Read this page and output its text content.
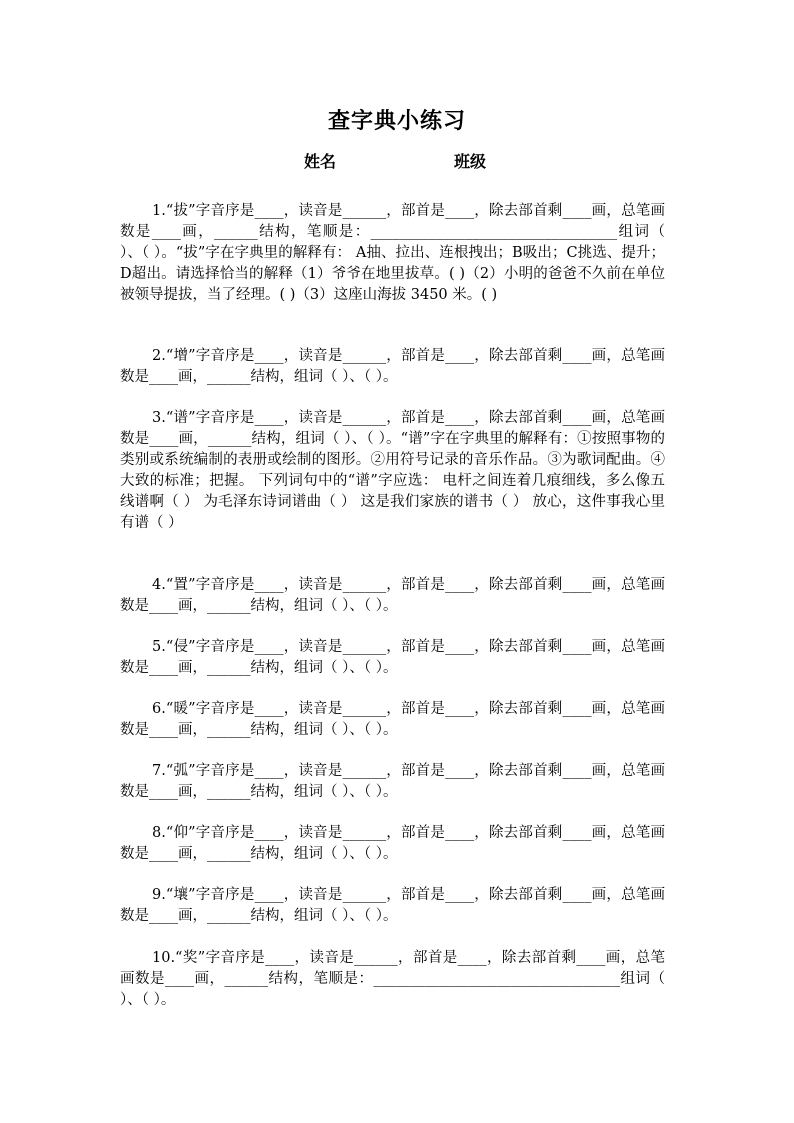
查字典小练习
姓名	班级

1.“拔”字音序是____，读音是______，部首是____，除去部首剩____画，总笔画数是____画，______结构，笔顺是：__________________________________组词（ ）、（ ）。“拔”字在字典里的解释有： A抽、拉出、连根拽出；B吸出；C挑选、提升；D超出。请选择恰当的解释（1）爷爷在地里拔草。( )（2）小明的爸爸不久前在单位被领导提拔，当了经理。( )（3）这座山海拔 3450 米。( )

2.“增”字音序是____，读音是______，部首是____，除去部首剩____画，总笔画数是____画，______结构，组词（ ）、（ ）。

3.“谱”字音序是____，读音是______，部首是____，除去部首剩____画，总笔画数是____画，______结构，组词（ ）、（ ）。“谱”字在字典里的解释有：①按照事物的类别或系统编制的表册或绘制的图形。②用符号记录的音乐作品。③为歌词配曲。④大致的标准；把握。 下列词句中的“谱”字应选： 电杆之间连着几痕细线，多么像五线谱啊（ ） 为毛泽东诗词谱曲（ ） 这是我们家族的谱书（ ） 放心，这件事我心里有谱（ ）

4.“置”字音序是____，读音是______，部首是____，除去部首剩____画，总笔画数是____画，______结构，组词（ ）、（ ）。

5.“侵”字音序是____，读音是______，部首是____，除去部首剩____画，总笔画数是____画，______结构，组词（ ）、（ ）。

6.“暖”字音序是____，读音是______，部首是____，除去部首剩____画，总笔画数是____画，______结构，组词（ ）、（ ）。

7.“弧”字音序是____，读音是______，部首是____，除去部首剩____画，总笔画数是____画，______结构，组词（ ）、（ ）。

8.“仰”字音序是____，读音是______，部首是____，除去部首剩____画，总笔画数是____画，______结构，组词（ ）、（ ）。

9.“壤”字音序是____，读音是______，部首是____，除去部首剩____画，总笔画数是____画，______结构，组词（ ）、（ ）。

10.“奖”字音序是____，读音是______，部首是____，除去部首剩____画，总笔画数是____画，______结构，笔顺是：__________________________________组词（ ）、（ ）。
